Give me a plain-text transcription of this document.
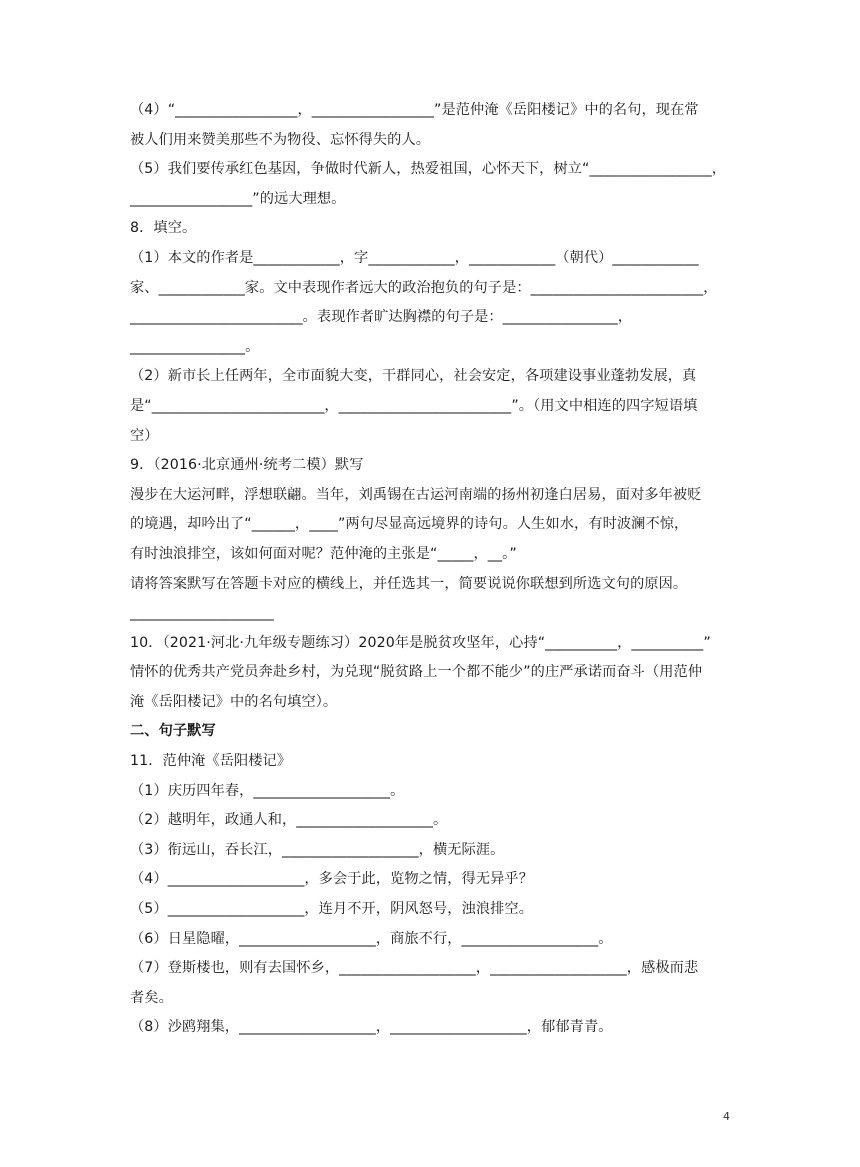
（4）“_________________，_________________”是范仲淹《岳阳楼记》中的名句，现在常
被人们用来赞美那些不为物役、忘怀得失的人。
（5）我们要传承红色基因，争做时代新人，热爱祖国，心怀天下，树立“_________________，
_________________”的远大理想。
8．填空。
（1）本文的作者是____________，字____________，____________（朝代）____________
家、____________家。文中表现作者远大的政治抱负的句子是：________________________，
________________________。表现作者旷达胸襟的句子是：________________，
________________。
（2）新市长上任两年，全市面貌大变，干群同心，社会安定，各项建设事业蓬勃发展，真
是“________________________，________________________”。（用文中相连的四字短语填
空）
9．（2016·北京通州·统考二模）默写
漫步在大运河畔，浮想联翩。当年，刘禹锡在古运河南端的扬州初逢白居易，面对多年被贬
的境遇，却吟出了“______，____”两句尽显高远境界的诗句。人生如水，有时波澜不惊，
有时浊浪排空，该如何面对呢？范仲淹的主张是“_____，__。”
请将答案默写在答题卡对应的横线上，并任选其一，简要说说你联想到所选文句的原因。
____________________
10．（2021·河北·九年级专题练习）2020年是脱贫攻坚年，心持“__________，__________”
情怀的优秀共产党员奔赴乡村，为兑现“脱贫路上一个都不能少”的庄严承诺而奋斗（用范仲
淹《岳阳楼记》中的名句填空）。
二、句子默写
11．范仲淹《岳阳楼记》
（1）庆历四年春，___________________。
（2）越明年，政通人和，___________________。
（3）衔远山，吞长江，___________________，横无际涯。
（4）___________________，多会于此，览物之情，得无异乎？
（5）___________________，连月不开，阴风怒号，浊浪排空。
（6）日星隐曜，___________________，商旅不行，___________________。
（7）登斯楼也，则有去国怀乡，___________________，___________________，感极而悲
者矣。
（8）沙鸥翔集，___________________，___________________，郁郁青青。
4
